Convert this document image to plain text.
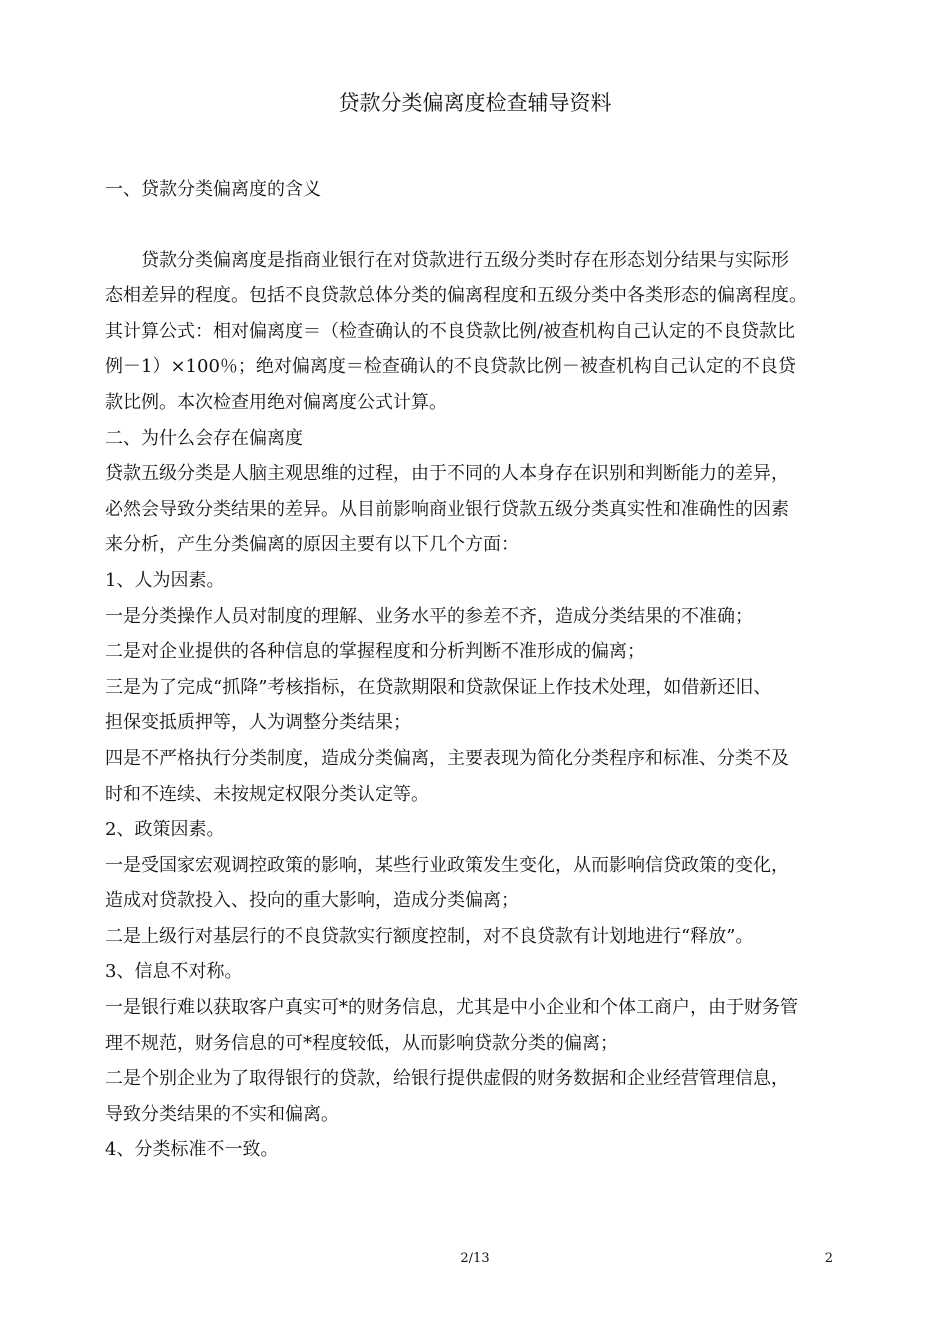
贷款分类偏离度检查辅导资料

一、贷款分类偏离度的含义

　　贷款分类偏离度是指商业银行在对贷款进行五级分类时存在形态划分结果与实际形

态相差异的程度。包括不良贷款总体分类的偏离程度和五级分类中各类形态的偏离程度。

其计算公式：相对偏离度＝（检查确认的不良贷款比例/被查机构自己认定的不良贷款比

例－1）×100％；绝对偏离度＝检查确认的不良贷款比例－被查机构自己认定的不良贷

款比例。本次检查用绝对偏离度公式计算。

二、为什么会存在偏离度

贷款五级分类是人脑主观思维的过程，由于不同的人本身存在识别和判断能力的差异，

必然会导致分类结果的差异。从目前影响商业银行贷款五级分类真实性和准确性的因素

来分析，产生分类偏离的原因主要有以下几个方面：

1、人为因素。

一是分类操作人员对制度的理解、业务水平的参差不齐，造成分类结果的不准确；

二是对企业提供的各种信息的掌握程度和分析判断不准形成的偏离；

三是为了完成“抓降”考核指标，在贷款期限和贷款保证上作技术处理，如借新还旧、

担保变抵质押等，人为调整分类结果；

四是不严格执行分类制度，造成分类偏离，主要表现为简化分类程序和标准、分类不及

时和不连续、未按规定权限分类认定等。

2、政策因素。

一是受国家宏观调控政策的影响，某些行业政策发生变化，从而影响信贷政策的变化，

造成对贷款投入、投向的重大影响，造成分类偏离；

二是上级行对基层行的不良贷款实行额度控制，对不良贷款有计划地进行“释放”。

3、信息不对称。

一是银行难以获取客户真实可*的财务信息，尤其是中小企业和个体工商户，由于财务管

理不规范，财务信息的可*程度较低，从而影响贷款分类的偏离；

二是个别企业为了取得银行的贷款，给银行提供虚假的财务数据和企业经营管理信息，

导致分类结果的不实和偏离。

4、分类标准不一致。

2/13	2
